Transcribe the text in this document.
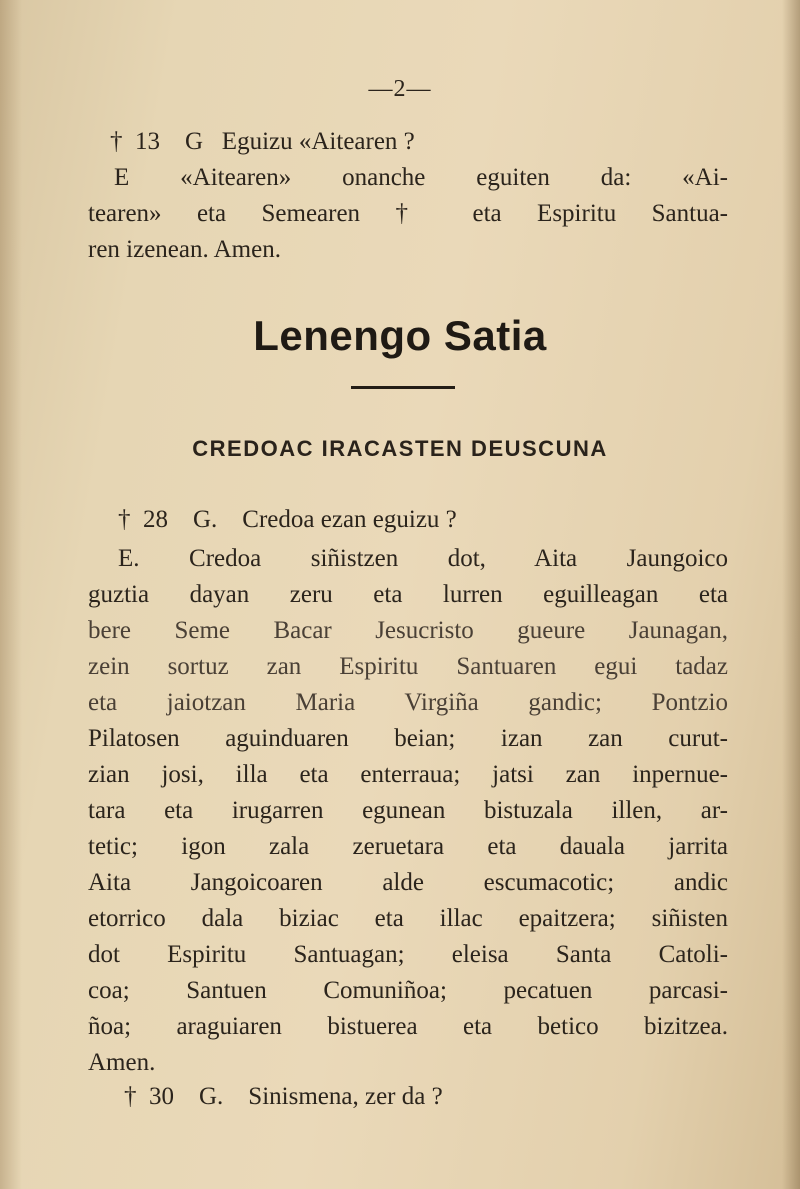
—2—
†  13    G   Eguizu «Aitearen ?
E «Aitearen» onanche eguiten da: «Ai-
tearen» eta Semearen † eta Espiritu Santua-
ren izenean. Amen.
Lenengo Satia
CREDOAC IRACASTEN DEUSCUNA
†  28    G.    Credoa ezan eguizu ?
E. Credoa siñistzen dot, Aita Jaungoico
guztia dayan zeru eta lurren eguilleagan eta
bere Seme Bacar Jesucristo gueure Jaunagan,
zein sortuz zan Espiritu Santuaren egui tadaz
eta jaiotzan Maria Virgiña gandic; Pontzio
Pilatosen aguinduaren beian; izan zan curut-
zian josi, illa eta enterraua; jatsi zan inpernue-
tara eta irugarren egunean bistuzala illen, ar-
tetic; igon zala zeruetara eta dauala jarrita
Aita Jangoicoaren alde escumacotic; andic
etorrico dala biziac eta illac epaitzera; siñisten
dot Espiritu Santuagan; eleisa Santa Catoli-
coa; Santuen Comuniñoa; pecatuen parcasi-
ñoa; araguiaren bistuerea eta betico bizitzea.
Amen.
†  30    G.    Sinismena, zer da ?
